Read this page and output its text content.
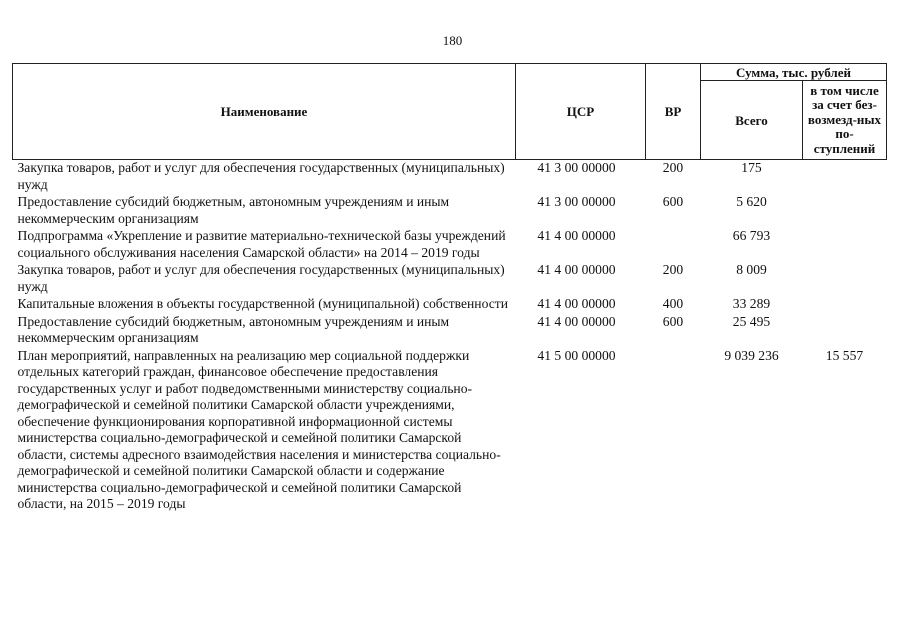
180
Наименование	ЦСР	ВР	Сумма, тыс. рублей	
			Всего	в том числе за счет без-возмезд-ных по-ступлений
Закупка товаров, работ и услуг для обеспечения государственных (муниципальных) нужд	41 3 00 00000	200	175	
Предоставление субсидий бюджетным, автономным учреждениям и иным некоммерческим организациям	41 3 00 00000	600	5 620	
Подпрограмма «Укрепление и развитие материально-технической базы учреждений социального обслуживания населения Самарской области» на 2014 – 2019 годы	41 4 00 00000		66 793	
Закупка товаров, работ и услуг для обеспечения государственных (муниципальных) нужд	41 4 00 00000	200	8 009	
Капитальные вложения в объекты государственной (муниципальной) собственности	41 4 00 00000	400	33 289	
Предоставление субсидий бюджетным, автономным учреждениям и иным некоммерческим организациям	41 4 00 00000	600	25 495	
План мероприятий, направленных на реализацию мер социальной поддержки отдельных категорий граждан, финансовое обеспечение предоставления государственных услуг и работ подведомственными министерству социально-демографической и семейной политики Самарской области учреждениями, обеспечение функционирования корпоративной информационной системы министерства социально-демографической и семейной политики Самарской области, системы адресного взаимодействия населения и министерства социально-демографической и семейной политики Самарской области и содержание министерства социально-демографической и семейной политики Самарской области, на 2015 – 2019 годы	41 5 00 00000		9 039 236	15 557
